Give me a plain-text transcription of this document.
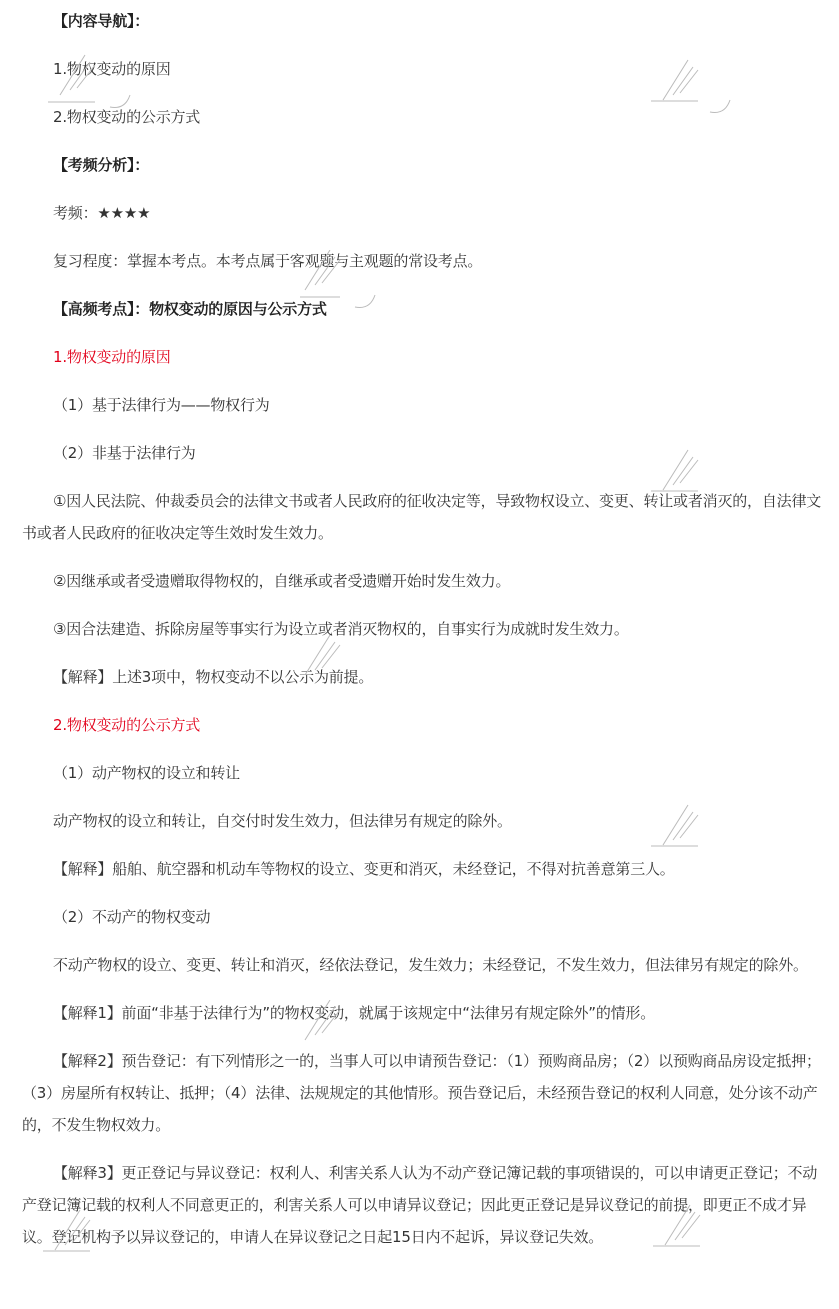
【内容导航】：

1.物权变动的原因

2.物权变动的公示方式

【考频分析】：

考频：★★★★

复习程度：掌握本考点。本考点属于客观题与主观题的常设考点。

【高频考点】：物权变动的原因与公示方式

1.物权变动的原因

（1）基于法律行为——物权行为

（2）非基于法律行为

①因人民法院、仲裁委员会的法律文书或者人民政府的征收决定等，导致物权设立、变更、转让或者消灭的，自法律文书或者人民政府的征收决定等生效时发生效力。

②因继承或者受遗赠取得物权的，自继承或者受遗赠开始时发生效力。

③因合法建造、拆除房屋等事实行为设立或者消灭物权的，自事实行为成就时发生效力。

【解释】上述3项中，物权变动不以公示为前提。

2.物权变动的公示方式

（1）动产物权的设立和转让

动产物权的设立和转让，自交付时发生效力，但法律另有规定的除外。

【解释】船舶、航空器和机动车等物权的设立、变更和消灭，未经登记，不得对抗善意第三人。

（2）不动产的物权变动

不动产物权的设立、变更、转让和消灭，经依法登记，发生效力；未经登记，不发生效力，但法律另有规定的除外。

【解释1】前面“非基于法律行为”的物权变动，就属于该规定中“法律另有规定除外”的情形。

【解释2】预告登记：有下列情形之一的，当事人可以申请预告登记：（1）预购商品房；（2）以预购商品房设定抵押；（3）房屋所有权转让、抵押；（4）法律、法规规定的其他情形。预告登记后，未经预告登记的权利人同意，处分该不动产的，不发生物权效力。

【解释3】更正登记与异议登记：权利人、利害关系人认为不动产登记簿记载的事项错误的，可以申请更正登记；不动产登记簿记载的权利人不同意更正的，利害关系人可以申请异议登记；因此更正登记是异议登记的前提，即更正不成才异议。登记机构予以异议登记的，申请人在异议登记之日起15日内不起诉，异议登记失效。
